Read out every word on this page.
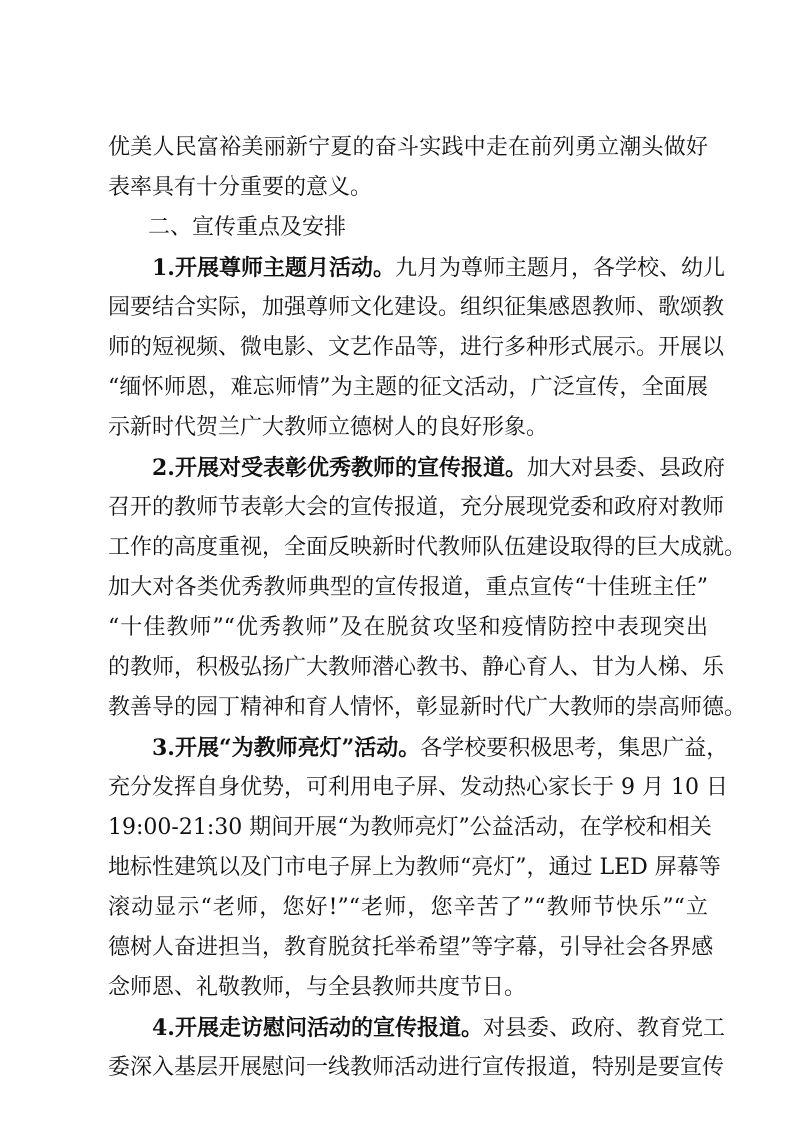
优美人民富裕美丽新宁夏的奋斗实践中走在前列勇立潮头做好
表率具有十分重要的意义。
二、宣传重点及安排
1.开展尊师主题月活动。九月为尊师主题月，各学校、幼儿
园要结合实际，加强尊师文化建设。组织征集感恩教师、歌颂教
师的短视频、微电影、文艺作品等，进行多种形式展示。开展以
“缅怀师恩，难忘师情”为主题的征文活动，广泛宣传，全面展
示新时代贺兰广大教师立德树人的良好形象。
2.开展对受表彰优秀教师的宣传报道。加大对县委、县政府
召开的教师节表彰大会的宣传报道，充分展现党委和政府对教师
工作的高度重视，全面反映新时代教师队伍建设取得的巨大成就。
加大对各类优秀教师典型的宣传报道，重点宣传“十佳班主任”
“十佳教师”“优秀教师”及在脱贫攻坚和疫情防控中表现突出
的教师，积极弘扬广大教师潜心教书、静心育人、甘为人梯、乐
教善导的园丁精神和育人情怀，彰显新时代广大教师的崇高师德。
3.开展“为教师亮灯”活动。各学校要积极思考，集思广益，
充分发挥自身优势，可利用电子屏、发动热心家长于 9 月 10 日
19:00-21:30 期间开展“为教师亮灯”公益活动，在学校和相关
地标性建筑以及门市电子屏上为教师“亮灯”，通过 LED 屏幕等
滚动显示“老师，您好!”“老师，您辛苦了”“教师节快乐”“立
德树人奋进担当，教育脱贫托举希望”等字幕，引导社会各界感
念师恩、礼敬教师，与全县教师共度节日。
4.开展走访慰问活动的宣传报道。对县委、政府、教育党工
委深入基层开展慰问一线教师活动进行宣传报道，特别是要宣传
